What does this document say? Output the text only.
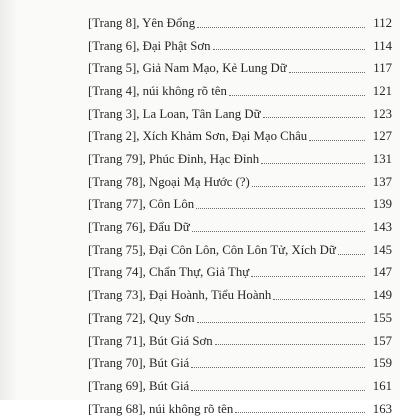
[Trang 8], Yên Đổng	112
[Trang 6], Đại Phật Sơn	114
[Trang 5], Giả Nam Mạo, Kẻ Lung Dữ	117
[Trang 4], núi không rõ tên	121
[Trang 3], La Loan, Tân Lang Dữ	123
[Trang 2], Xích Khảm Sơn, Đại Mạo Châu	127
[Trang 79], Phúc Đỉnh, Hạc Đỉnh	131
[Trang 78], Ngoại Mạ Hước (?)	137
[Trang 77], Côn Lôn	139
[Trang 76], Đẩu Dữ	143
[Trang 75], Đại Côn Lôn, Côn Lôn Tử, Xích Dữ	145
[Trang 74], Chẩn Thự, Giả Thự	147
[Trang 73], Đại Hoành, Tiểu Hoành	149
[Trang 72], Quy Sơn	155
[Trang 71], Bút Giá Sơn	157
[Trang 70], Bút Giá	159
[Trang 69], Bút Giá	161
[Trang 68], núi không rõ tên	163
